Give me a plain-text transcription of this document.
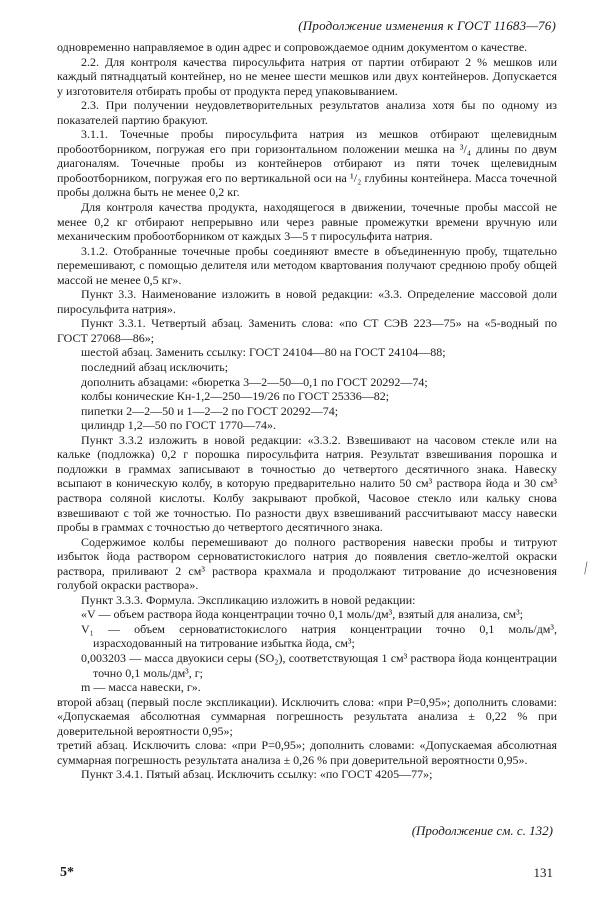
(Продолжение изменения к ГОСТ 11683—76)

одновременно направляемое в один адрес и сопровождаемое одним документом о качестве.

2.2. Для контроля качества пиросульфита натрия от партии отбирают 2 % мешков или каждый пятнадцатый контейнер, но не менее шести мешков или двух контейнеров. Допускается у изготовителя отбирать пробы от продукта перед упаковыванием.

2.3. При получении неудовлетворительных результатов анализа хотя бы по одному из показателей партию бракуют.

3.1.1. Точечные пробы пиросульфита натрия из мешков отбирают щелевидным пробоотборником, погружая его при горизонтальном положении мешка на ³/₄ длины по двум диагоналям. Точечные пробы из контейнеров отбирают из пяти точек щелевидным пробоотборником, погружая его по вертикальной оси на ¹/₂ глубины контейнера. Масса точечной пробы должна быть не менее 0,2 кг.

Для контроля качества продукта, находящегося в движении, точечные пробы массой не менее 0,2 кг отбирают непрерывно или через равные промежутки времени вручную или механическим пробоотборником от каждых 3—5 т пиросульфита натрия.

3.1.2. Отобранные точечные пробы соединяют вместе в объединенную пробу, тщательно перемешивают, с помощью делителя или методом квартования получают среднюю пробу общей массой не менее 0,5 кг».

Пункт 3.3. Наименование изложить в новой редакции: «3.3. Определение массовой доли пиросульфита натрия».

Пункт 3.3.1. Четвертый абзац. Заменить слова: «по СТ СЭВ 223—75» на «5-водный по ГОСТ 27068—86»;

шестой абзац. Заменить ссылку: ГОСТ 24104—80 на ГОСТ 24104—88;

последний абзац исключить;

дополнить абзацами: «бюретка 3—2—50—0,1 по ГОСТ 20292—74;

колбы конические Кн-1,2—250—19/26 по ГОСТ 25336—82;

пипетки 2—2—50 и 1—2—2 по ГОСТ 20292—74;

цилиндр 1,2—50 по ГОСТ 1770—74».

Пункт 3.3.2 изложить в новой редакции: «3.3.2. Взвешивают на часовом стекле или на кальке (подложка) 0,2 г порошка пиросульфита натрия. Результат взвешивания порошка и подложки в граммах записывают в точностью до четвертого десятичного знака. Навеску всыпают в коническую колбу, в которую предварительно налито 50 см³ раствора йода и 30 см³ раствора соляной кислоты. Колбу закрывают пробкой, Часовое стекло или кальку снова взвешивают с той же точностью. По разности двух взвешиваний рассчитывают массу навески пробы в граммах с точностью до четвертого десятичного знака.

Содержимое колбы перемешивают до полного растворения навески пробы и титруют избыток йода раствором серноватистокислого натрия до появления светло-желтой окраски раствора, приливают 2 см³ раствора крахмала и продолжают титрование до исчезновения голубой окраски раствора».

Пункт 3.3.3. Формула. Экспликацию изложить в новой редакции:

«V — объем раствора йода концентрации точно 0,1 моль/дм³, взятый для анализа, см³;

V₁ — объем серноватистокислого натрия концентрации точно 0,1 моль/дм³, израсходованный на титрование избытка йода, см³;

0,003203 — масса двуокиси серы (SO₂), соответствующая 1 см³ раствора йода концентрации точно 0,1 моль/дм³, г;

m — масса навески, г».

второй абзац (первый после экспликации). Исключить слова: «при P=0,95»; дополнить словами: «Допускаемая абсолютная суммарная погрешность результата анализа ± 0,22 % при доверительной вероятности 0,95»;

третий абзац. Исключить слова: «при P=0,95»; дополнить словами: «Допускаемая абсолютная суммарная погрешность результата анализа ± 0,26 % при доверительной вероятности 0,95».

Пункт 3.4.1. Пятый абзац. Исключить ссылку: «по ГОСТ 4205—77»;

⁄
(Продолжение см. с. 132)
5*	131
